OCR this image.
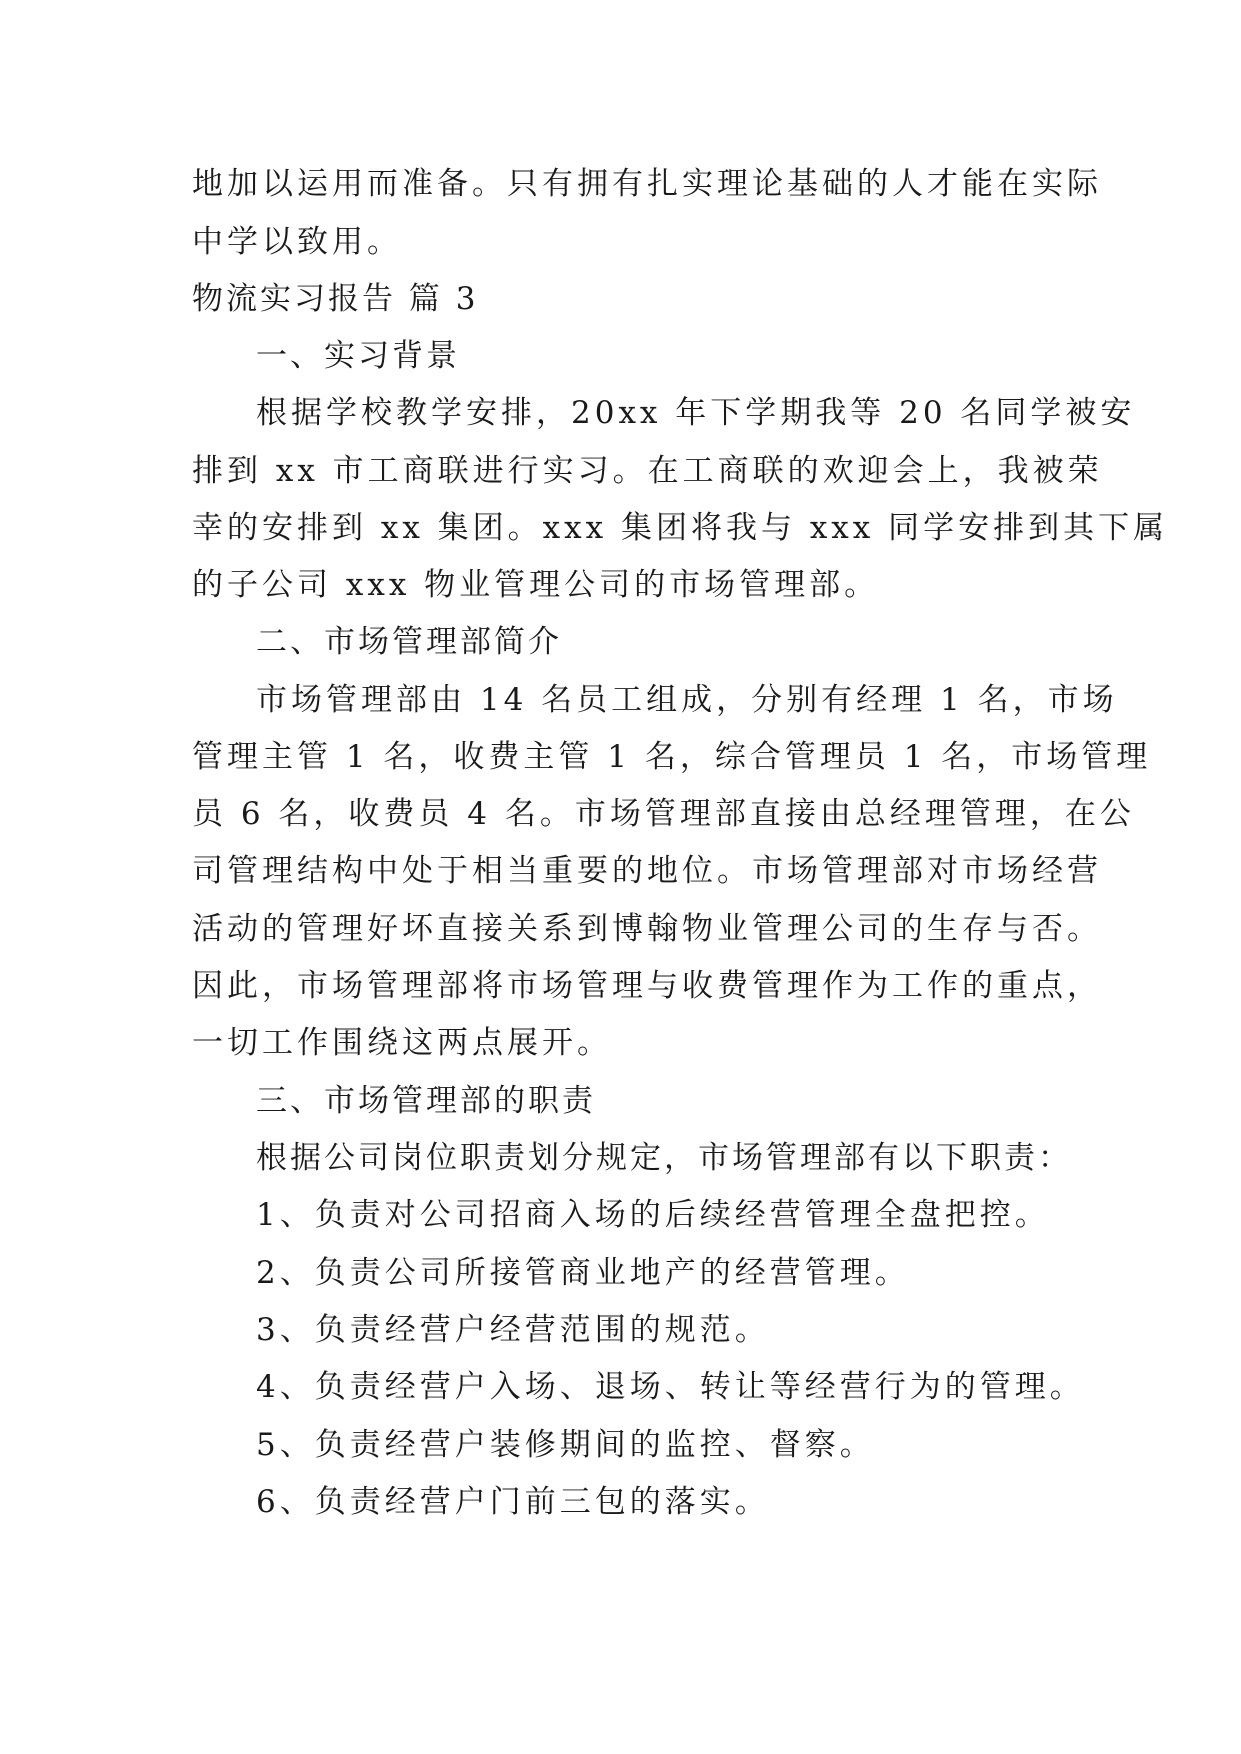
地加以运用而准备。只有拥有扎实理论基础的人才能在实际
中学以致用。
物流实习报告 篇 3
一、实习背景
根据学校教学安排，20xx 年下学期我等 20 名同学被安
排到 xx 市工商联进行实习。在工商联的欢迎会上，我被荣
幸的安排到 xx 集团。xxx 集团将我与 xxx 同学安排到其下属
的子公司 xxx 物业管理公司的市场管理部。
二、市场管理部简介
市场管理部由 14 名员工组成，分别有经理 1 名，市场
管理主管 1 名，收费主管 1 名，综合管理员 1 名，市场管理
员 6 名，收费员 4 名。市场管理部直接由总经理管理，在公
司管理结构中处于相当重要的地位。市场管理部对市场经营
活动的管理好坏直接关系到博翰物业管理公司的生存与否。
因此，市场管理部将市场管理与收费管理作为工作的重点，
一切工作围绕这两点展开。
三、市场管理部的职责
根据公司岗位职责划分规定，市场管理部有以下职责：
1、负责对公司招商入场的后续经营管理全盘把控。
2、负责公司所接管商业地产的经营管理。
3、负责经营户经营范围的规范。
4、负责经营户入场、退场、转让等经营行为的管理。
5、负责经营户装修期间的监控、督察。
6、负责经营户门前三包的落实。
